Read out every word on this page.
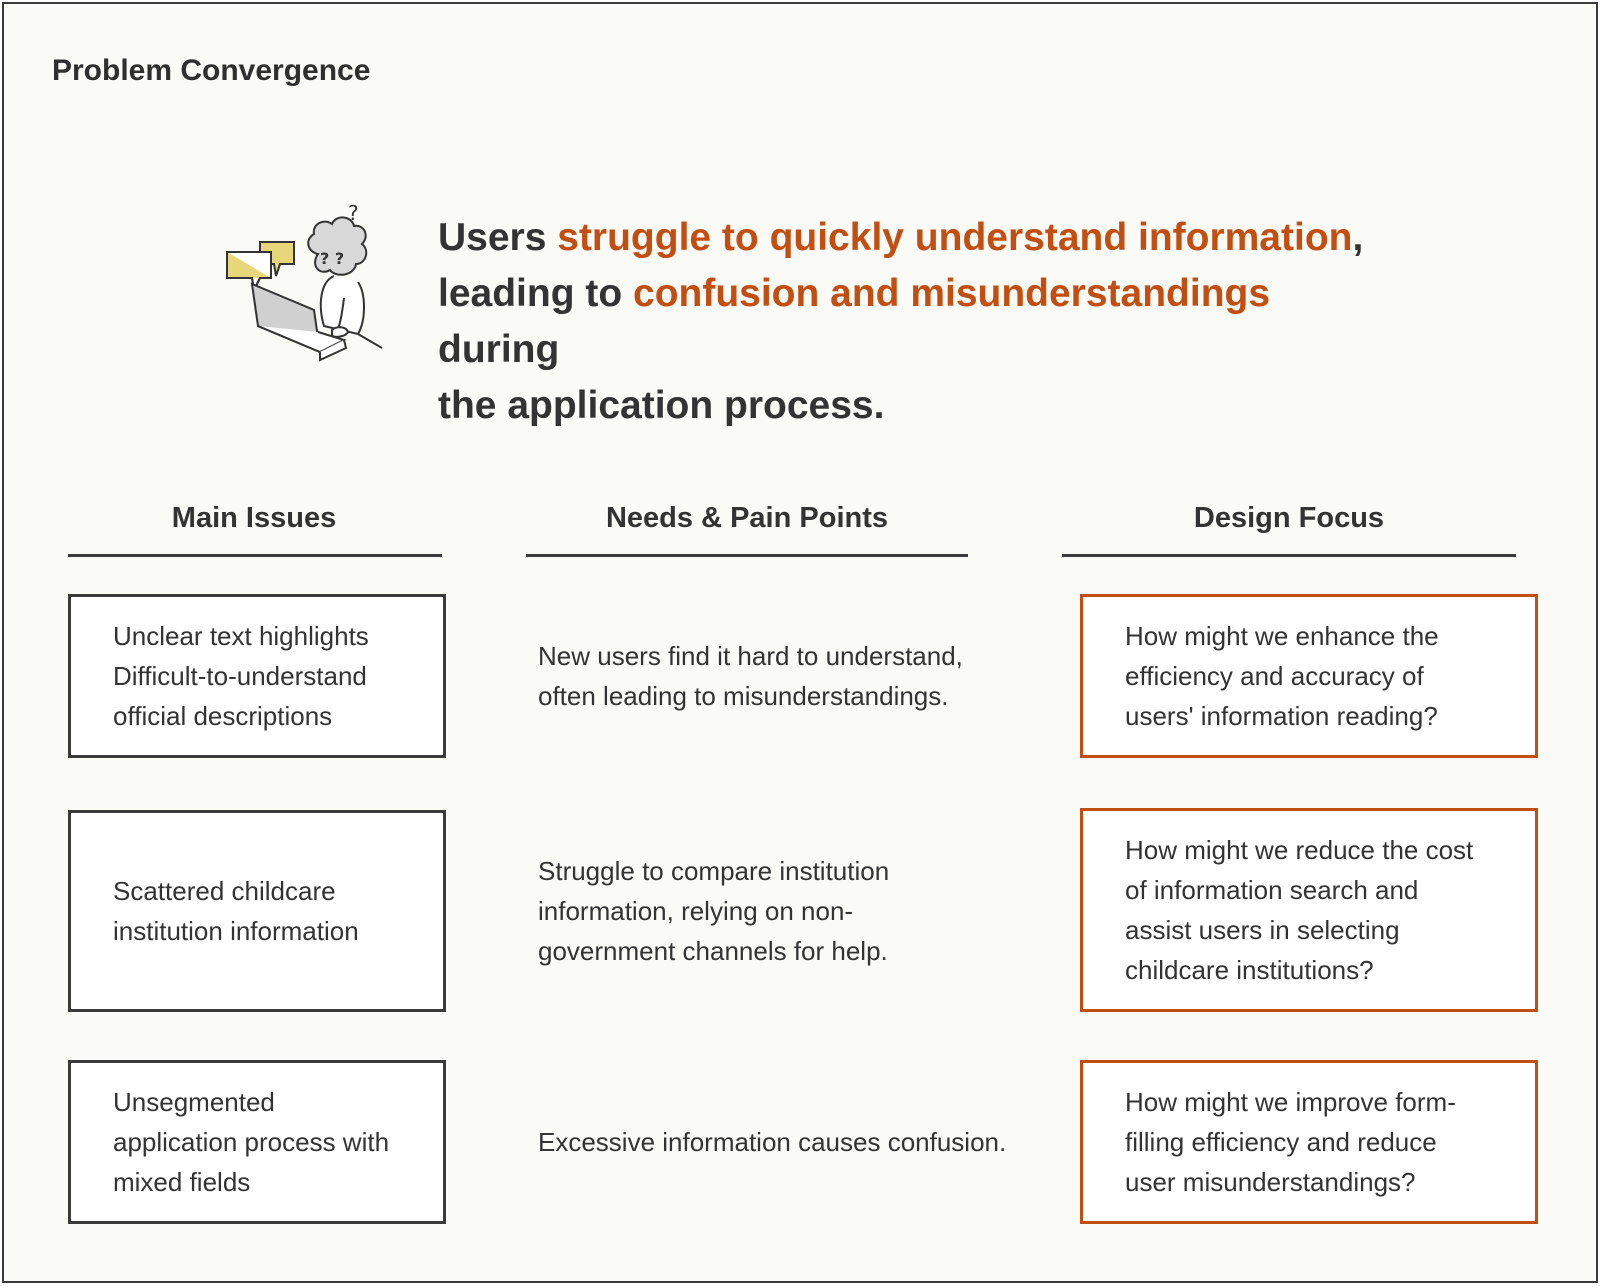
Problem Convergence
? ?
?
Users struggle to quickly understand information,
leading to confusion and misunderstandings during
the application process.
Main Issues	Needs & Pain Points	Design Focus
Unclear text highlights
Difficult-to-understand
official descriptions
New users find it hard to understand,
often leading to misunderstandings.
How might we enhance the
efficiency and accuracy of
users' information reading?
Scattered childcare
institution information
Struggle to compare institution
information, relying on non-
government channels for help.
How might we reduce the cost
of information search and
assist users in selecting
childcare institutions?
Unsegmented
application process with
mixed fields
Excessive information causes confusion.
How might we improve form-
filling efficiency and reduce
user misunderstandings?
